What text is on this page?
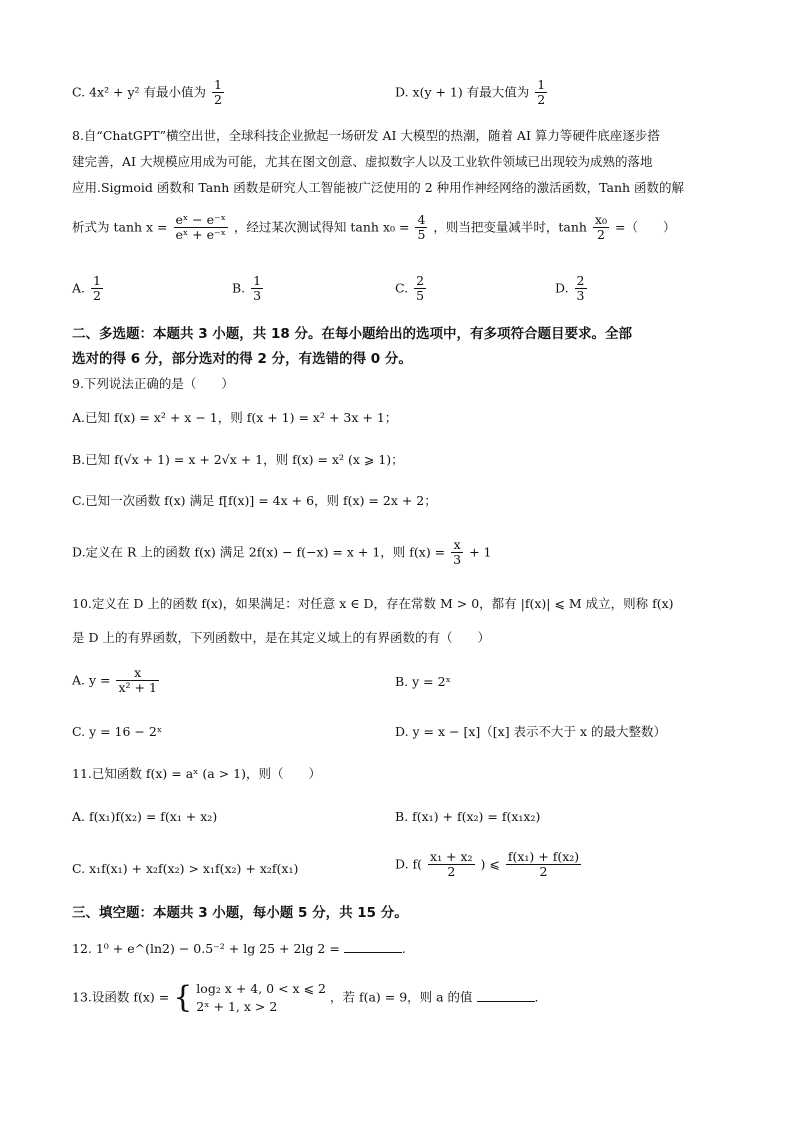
C. 4x² + y² 有最小值为 $\frac{1}{2}$	D. x(y + 1) 有最大值为 $\frac{1}{2}$
8.自“ChatGPT”横空出世，全球科技企业掀起一场研发 AI 大模型的热潮，随着 AI 算力等硬件底座逐步搭
建完善，AI 大规模应用成为可能，尤其在图文创意、虚拟数字人以及工业软件领域已出现较为成熟的落地
应用.Sigmoid 函数和 Tanh 函数是研究人工智能被广泛使用的 2 种用作神经网络的激活函数，Tanh 函数的解
析式为 $\tanh x = \frac{\text{eˣ − e⁻ˣ}}{\text{eˣ + e⁻ˣ}}$ ，经过某次测试得知 $\tanh x_0 = \frac{4}{5}$ ，则当把变量减半时，$\tanh \frac{\text{x₀}}{2}$ =（　　）
A. $\frac{1}{2}$	B. $\frac{1}{3}$	C. $\frac{2}{5}$	D. $\frac{2}{3}$
二、多选题：本题共 3 小题，共 18 分。在每小题给出的选项中，有多项符合题目要求。全部
选对的得 6 分，部分选对的得 2 分，有选错的得 0 分。
9.下列说法正确的是（　　）
A.已知 f(x) = x² + x − 1，则 f(x + 1) = x² + 3x + 1；
B.已知 f(√x + 1) = x + 2√x + 1，则 f(x) = x² (x ⩾ 1)；
C.已知一次函数 f(x) 满足 f[f(x)] = 4x + 6，则 f(x) = 2x + 2；
D.定义在 R 上的函数 f(x) 满足 2f(x) − f(−x) = x + 1，则 $f(x) = \frac{x}{3} + 1$
10.定义在 D 上的函数 f(x)，如果满足：对任意 x ∈ D，存在常数 M > 0，都有 |f(x)| ⩽ M 成立，则称 f(x)
是 D 上的有界函数，下列函数中，是在其定义域上的有界函数的有（　　）
A. $y = \frac{x}{\text{x² + 1}}$	B. y = 2ˣ
C. y = 16 − 2ˣ	D. y = x − [x]（[x] 表示不大于 x 的最大整数）
11.已知函数 f(x) = aˣ (a > 1)，则（　　）
A. f(x₁)f(x₂) = f(x₁ + x₂)	B. f(x₁) + f(x₂) = f(x₁x₂)
C. x₁f(x₁) + x₂f(x₂) > x₁f(x₂) + x₂f(x₁)	D. $f( \frac{\text{x₁ + x₂}}{2}$ ) ⩽ $\frac{\text{f(x₁) + f(x₂)}}{2}$
三、填空题：本题共 3 小题，每小题 5 分，共 15 分。
12. 1⁰ + e^(ln2) − 0.5⁻² + lg 25 + 2lg 2 =	.
13.设函数 f(x) = { log₂ x + 4, 0 < x ⩽ 2
2ˣ + 1, x > 2
，若 f(a) = 9，则 a 的值	.
